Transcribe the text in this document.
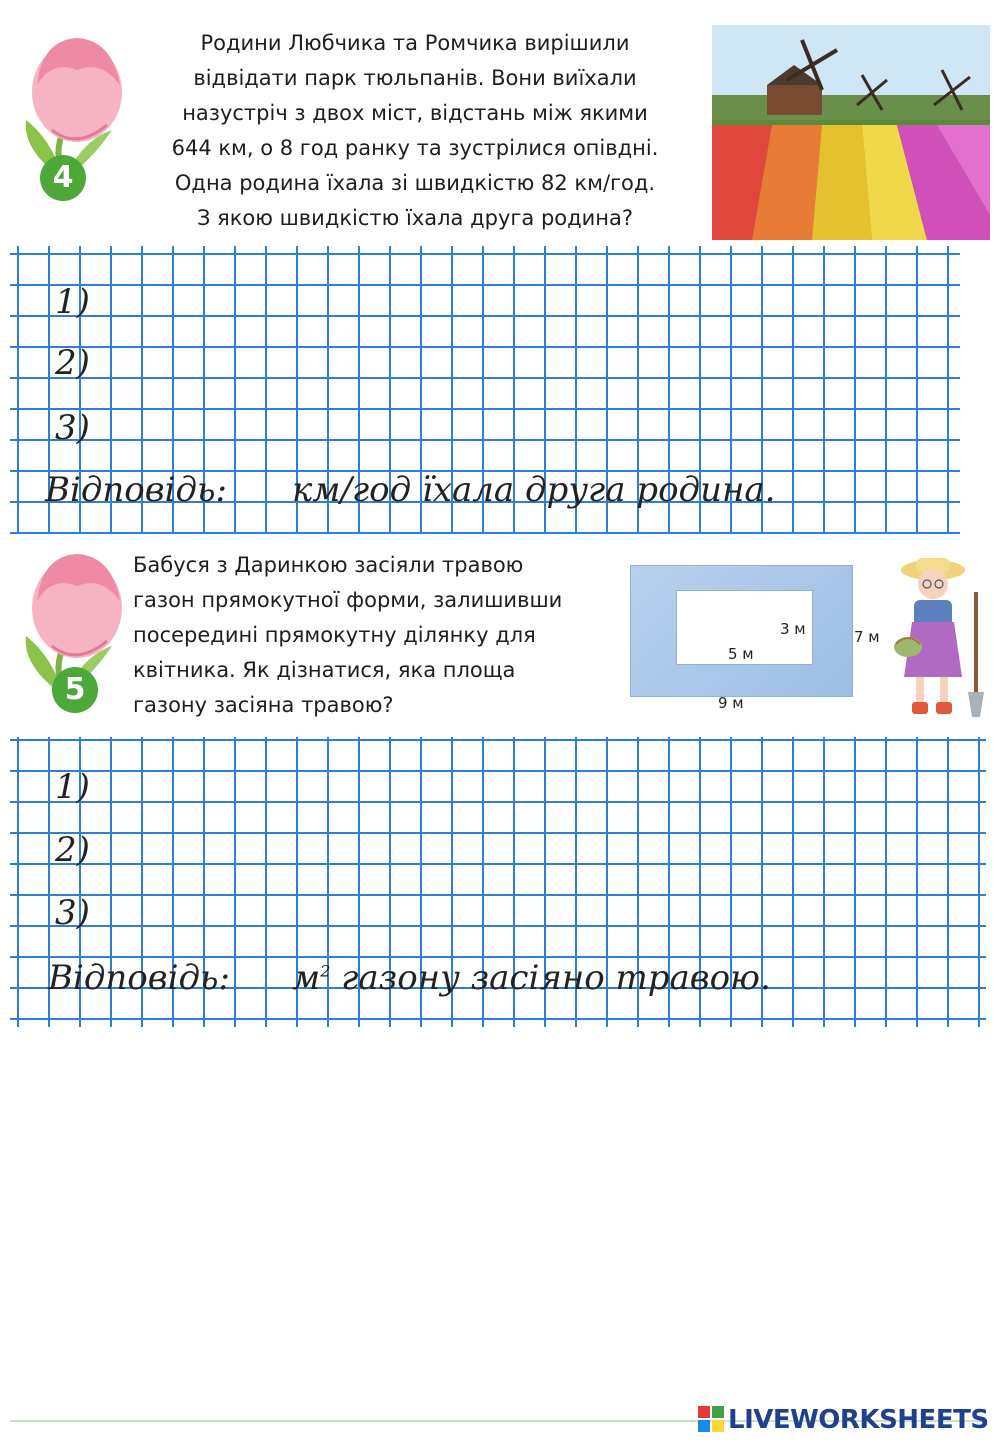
4
Родини Любчика та Ромчика вирішили
відвідати парк тюльпанів. Вони виїхали
назустріч з двох міст, відстань між якими
644 км, о 8 год ранку та зустрілися опівдні.
Одна родина їхала зі швидкістю 82 км/год.
З якою швидкістю їхала друга родина?
1)
2)
3)
Відповідь: км/год їхала друга родина.
5
Бабуся з Даринкою засіяли травою
газон прямокутної форми, залишивши
посередині прямокутну ділянку для
квітника. Як дізнатися, яка площа
газону засіяна травою?
3 м
5 м
7 м
9 м
1)
2)
3)
Відповідь: $м^2$ газону засіяно травою.
LIVEWORKSHEETS
